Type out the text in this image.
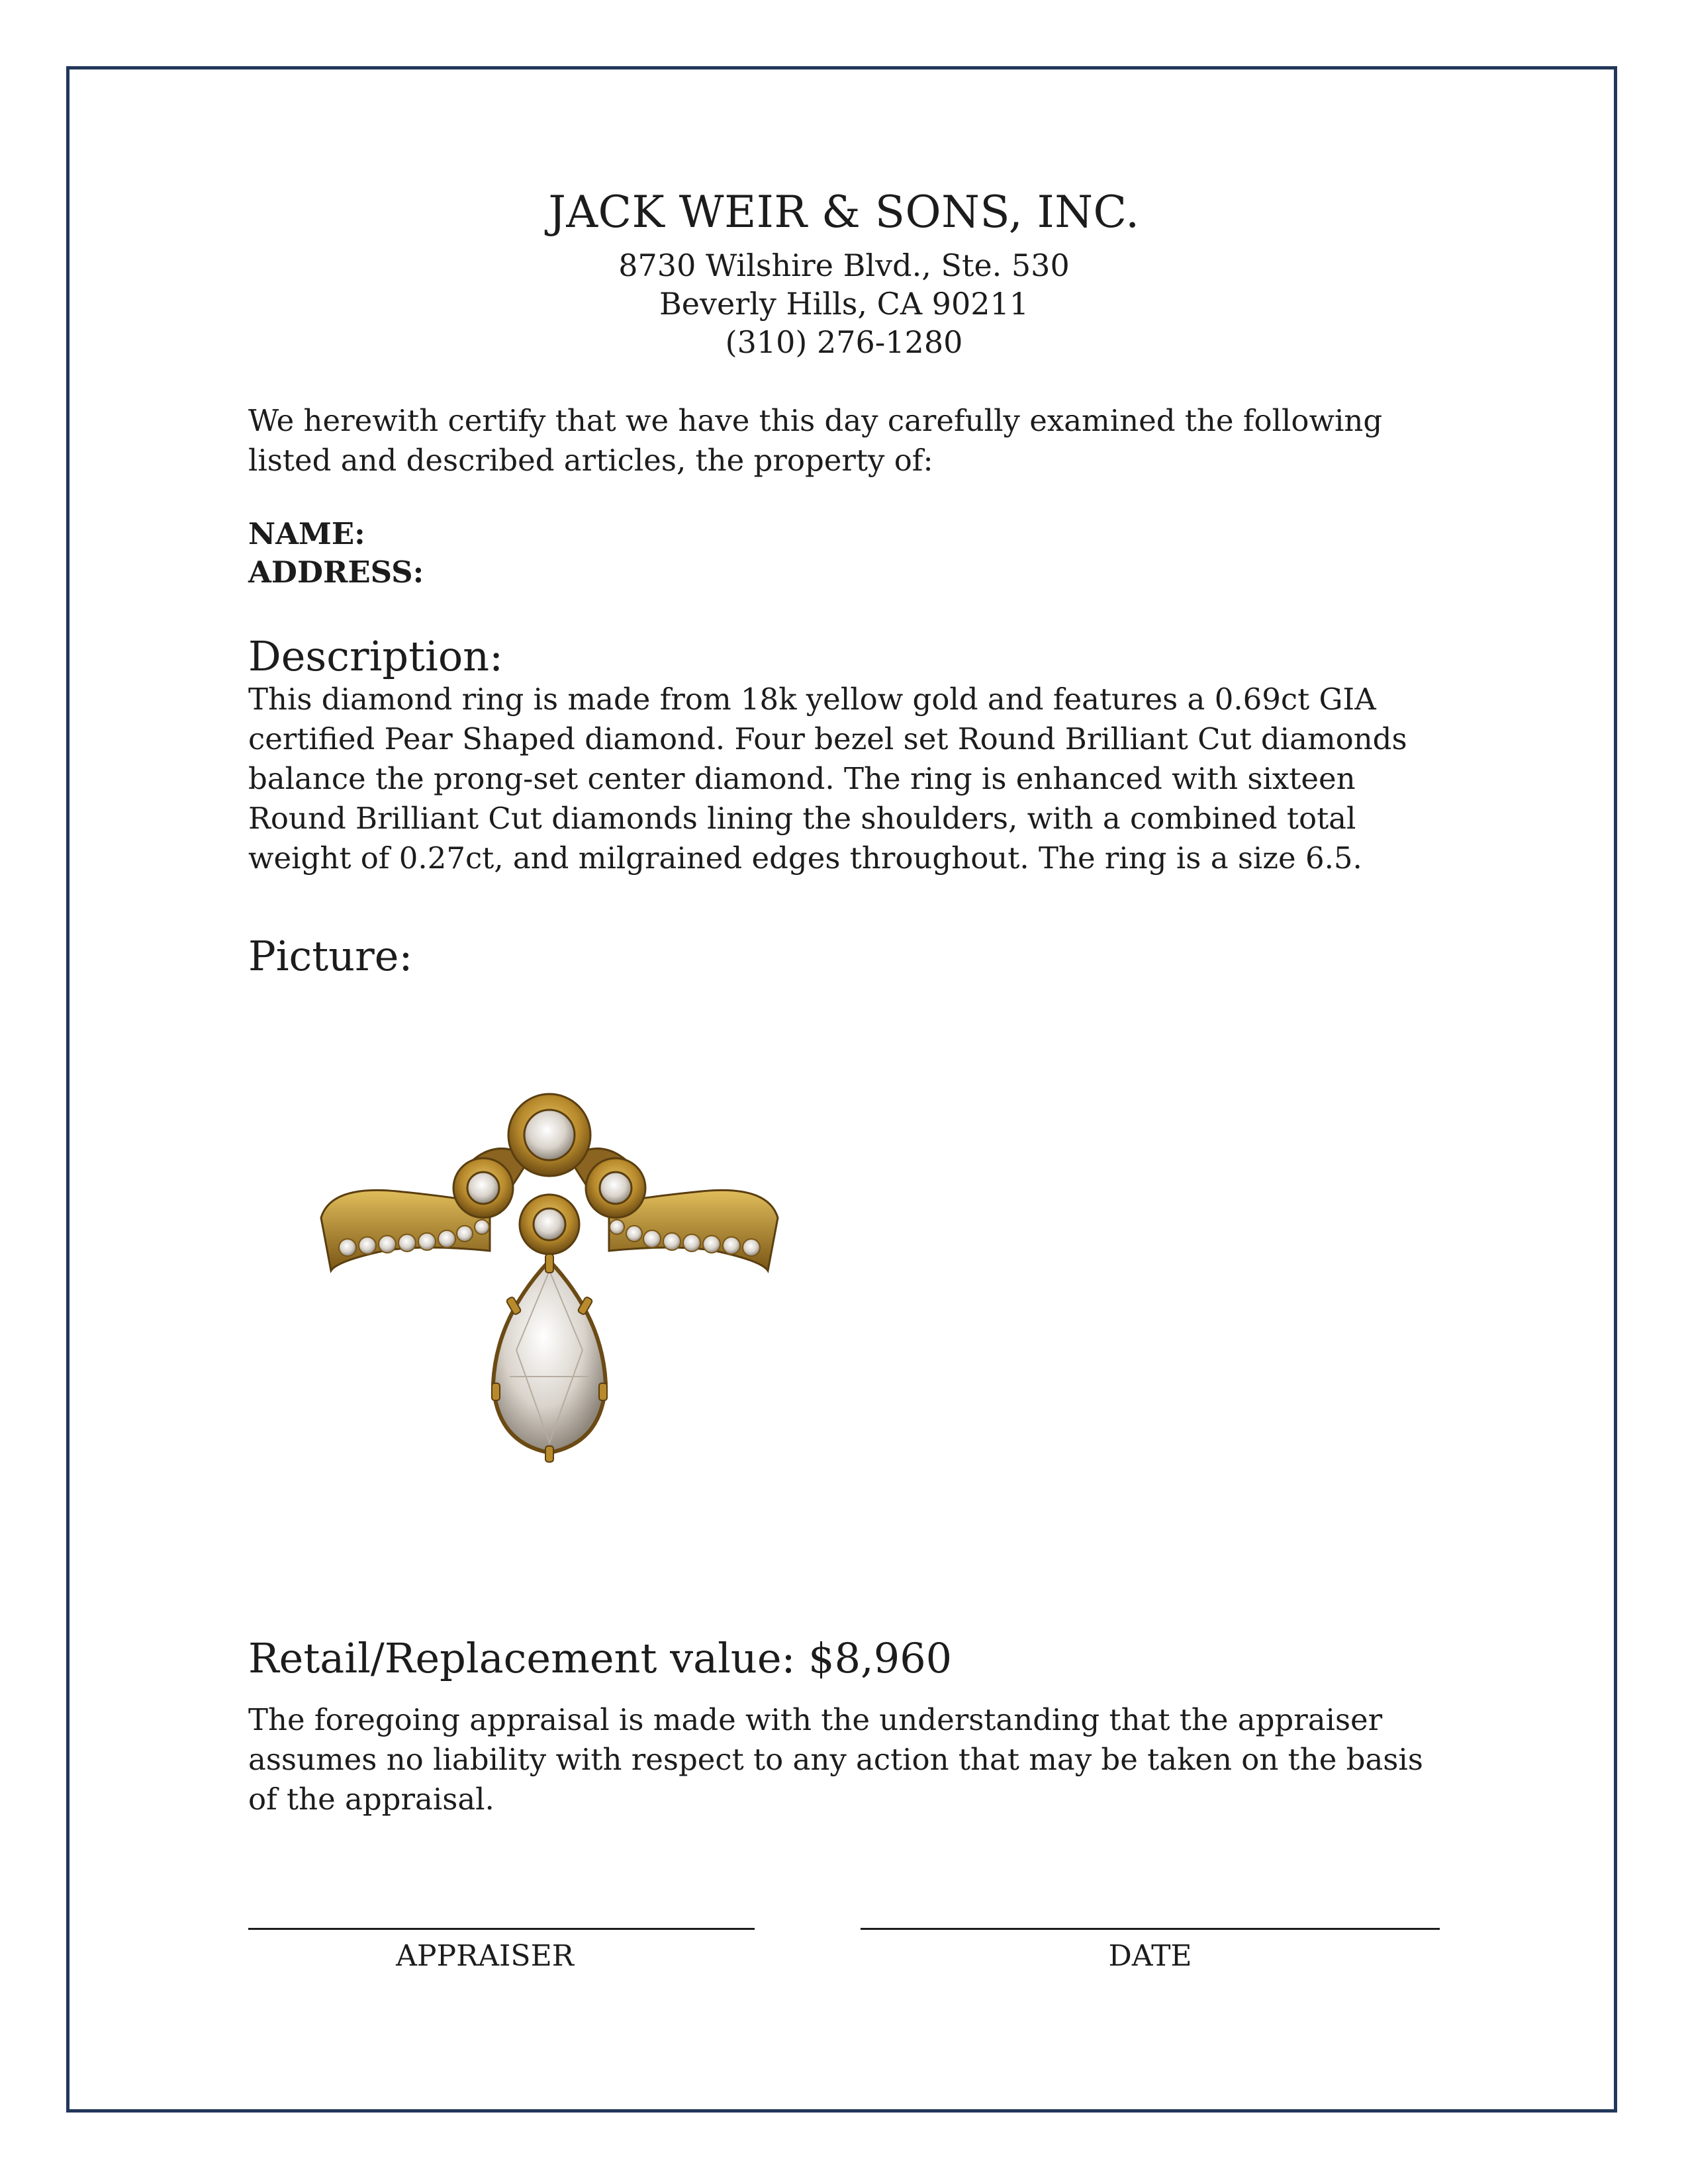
JACK WEIR & SONS, INC.
8730 Wilshire Blvd., Ste. 530
Beverly Hills, CA 90211
(310) 276-1280
We herewith certify that we have this day carefully examined the following listed and described articles, the property of:
NAME:
ADDRESS:
Description:
This diamond ring is made from 18k yellow gold and features a 0.69ct GIA certified Pear Shaped diamond. Four bezel set Round Brilliant Cut diamonds balance the prong-set center diamond. The ring is enhanced with sixteen Round Brilliant Cut diamonds lining the shoulders, with a combined total weight of 0.27ct, and milgrained edges throughout. The ring is a size 6.5.
Picture:
Retail/Replacement value: $8,960
The foregoing appraisal is made with the understanding that the appraiser assumes no liability with respect to any action that may be taken on the basis of the appraisal.
APPRAISER	DATE
